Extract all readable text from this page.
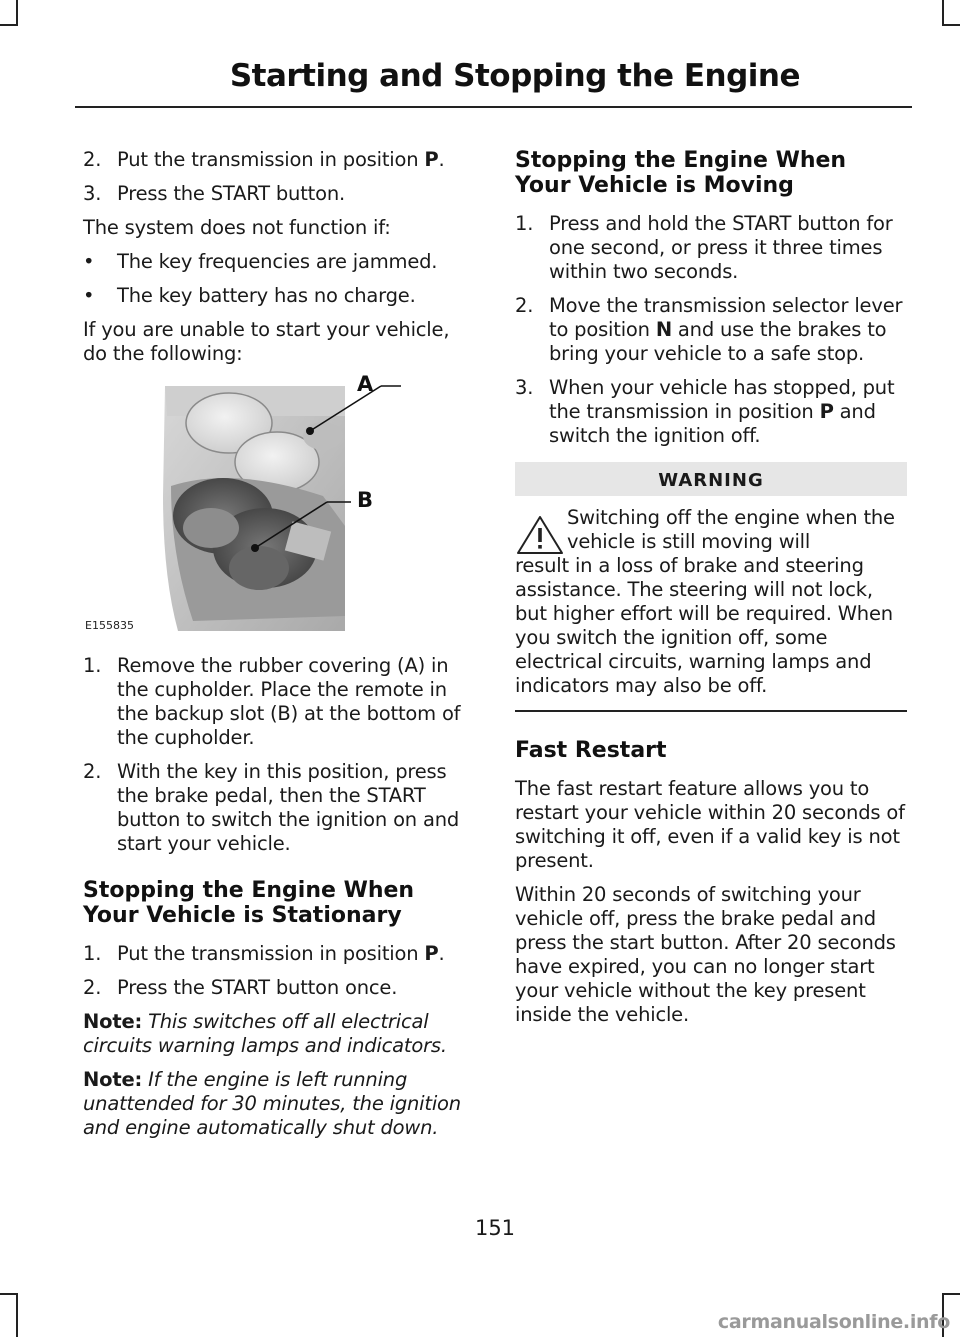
Starting and Stopping the Engine
2. Put the transmission in position P.
3. Press the START button.

The system does not function if:

• The key frequencies are jammed.
• The key battery has no charge.

If you are unable to start your vehicle, do the following:

A
B
E155835
1. Remove the rubber covering (A) in the cupholder. Place the remote in the backup slot (B) at the bottom of the cupholder.
2. With the key in this position, press the brake pedal, then the START button to switch the ignition on and start your vehicle.
Stopping the Engine When
Your Vehicle is Stationary
1. Put the transmission in position P.
2. Press the START button once.

Note: This switches off all electrical circuits warning lamps and indicators.

Note: If the engine is left running unattended for 30 minutes, the ignition and engine automatically shut down.

Stopping the Engine When
Your Vehicle is Moving
1. Press and hold the START button for one second, or press it three times within two seconds.
2. Move the transmission selector lever to position N and use the brakes to bring your vehicle to a safe stop.
3. When your vehicle has stopped, put the transmission in position P and switch the ignition off.
WARNING
Switching off the engine when the vehicle is still moving will
result in a loss of brake and steering assistance. The steering will not lock, but higher effort will be required. When you switch the ignition off, some electrical circuits, warning lamps and indicators may also be off.
Fast Restart

The fast restart feature allows you to restart your vehicle within 20 seconds of switching it off, even if a valid key is not present.

Within 20 seconds of switching your vehicle off, press the brake pedal and press the start button. After 20 seconds have expired, you can no longer start your vehicle without the key present inside the vehicle.

151
carmanualsonline.info
